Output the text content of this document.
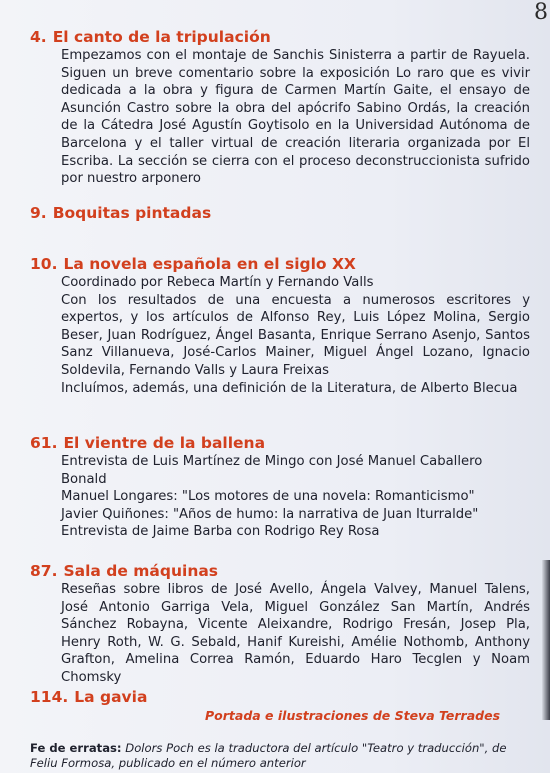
8
4. El canto de la tripulación
Empezamos con el montaje de Sanchis Sinisterra a partir de Rayuela. Siguen un breve comentario sobre la exposición Lo raro que es vivir dedicada a la obra y figura de Carmen Martín Gaite, el ensayo de Asunción Castro sobre la obra del apócrifo Sabino Ordás, la creación de la Cátedra José Agustín Goytisolo en la Universidad Autónoma de Barcelona y el taller virtual de creación literaria organizada por El Escriba. La sección se cierra con el proceso deconstruccionista sufrido por nuestro arponero
9. Boquitas pintadas
10. La novela española en el siglo XX

Coordinado por Rebeca Martín y Fernando Valls

Con los resultados de una encuesta a numerosos escritores y expertos, y los artículos de Alfonso Rey, Luis López Molina, Sergio Beser, Juan Rodríguez, Ángel Basanta, Enrique Serrano Asenjo, Santos Sanz Villanueva, José-Carlos Mainer, Miguel Ángel Lozano, Ignacio Soldevila, Fernando Valls y Laura Freixas

Incluímos, además, una definición de la Literatura, de Alberto Blecua

61. El vientre de la ballena

Entrevista de Luis Martínez de Mingo con José Manuel Caballero Bonald

Manuel Longares: "Los motores de una novela: Romanticismo"

Javier Quiñones: "Años de humo: la narrativa de Juan Iturralde"

Entrevista de Jaime Barba con Rodrigo Rey Rosa

87. Sala de máquinas
Reseñas sobre libros de José Avello, Ángela Valvey, Manuel Talens, José Antonio Garriga Vela, Miguel González San Martín, Andrés Sánchez Robayna, Vicente Aleixandre, Rodrigo Fresán, Josep Pla, Henry Roth, W. G. Sebald, Hanif Kureishi, Amélie Nothomb, Anthony Grafton, Amelina Correa Ramón, Eduardo Haro Tecglen y Noam Chomsky
114. La gavia
Portada e ilustraciones de Steva Terrades
Fe de erratas: Dolors Poch es la traductora del artículo "Teatro y traducción", de Feliu Formosa, publicado en el número anterior
